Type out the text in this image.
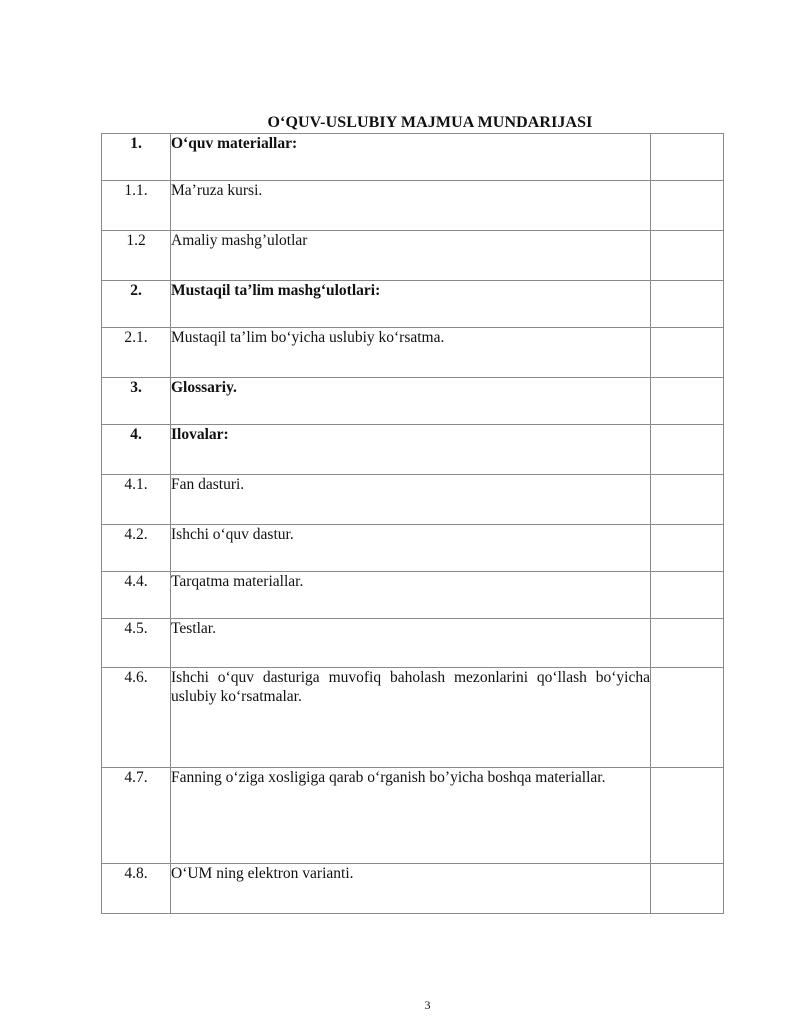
O‘QUV-USLUBIY MAJMUA MUNDARIJASI
1.	O‘quv materiallar:	
1.1.	Ma’ruza kursi.	
1.2	Amaliy mashg’ulotlar	
2.	Mustaqil ta’lim mashg‘ulotlari:	
2.1.	Mustaqil ta’lim bo‘yicha uslubiy ko‘rsatma.	
3.	Glossariy.	
4.	Ilovalar:	
4.1.	Fan dasturi.	
4.2.	Ishchi o‘quv dastur.	
4.4.	Tarqatma materiallar.	
4.5.	Testlar.	
4.6.	Ishchi o‘quv dasturiga muvofiq baholash mezonlarini qo‘llash bo‘yicha uslubiy ko‘rsatmalar.	
4.7.	Fanning o‘ziga xosligiga qarab o‘rganish bo’yicha boshqa materiallar.	
4.8.	O‘UM ning elektron varianti.	
3
